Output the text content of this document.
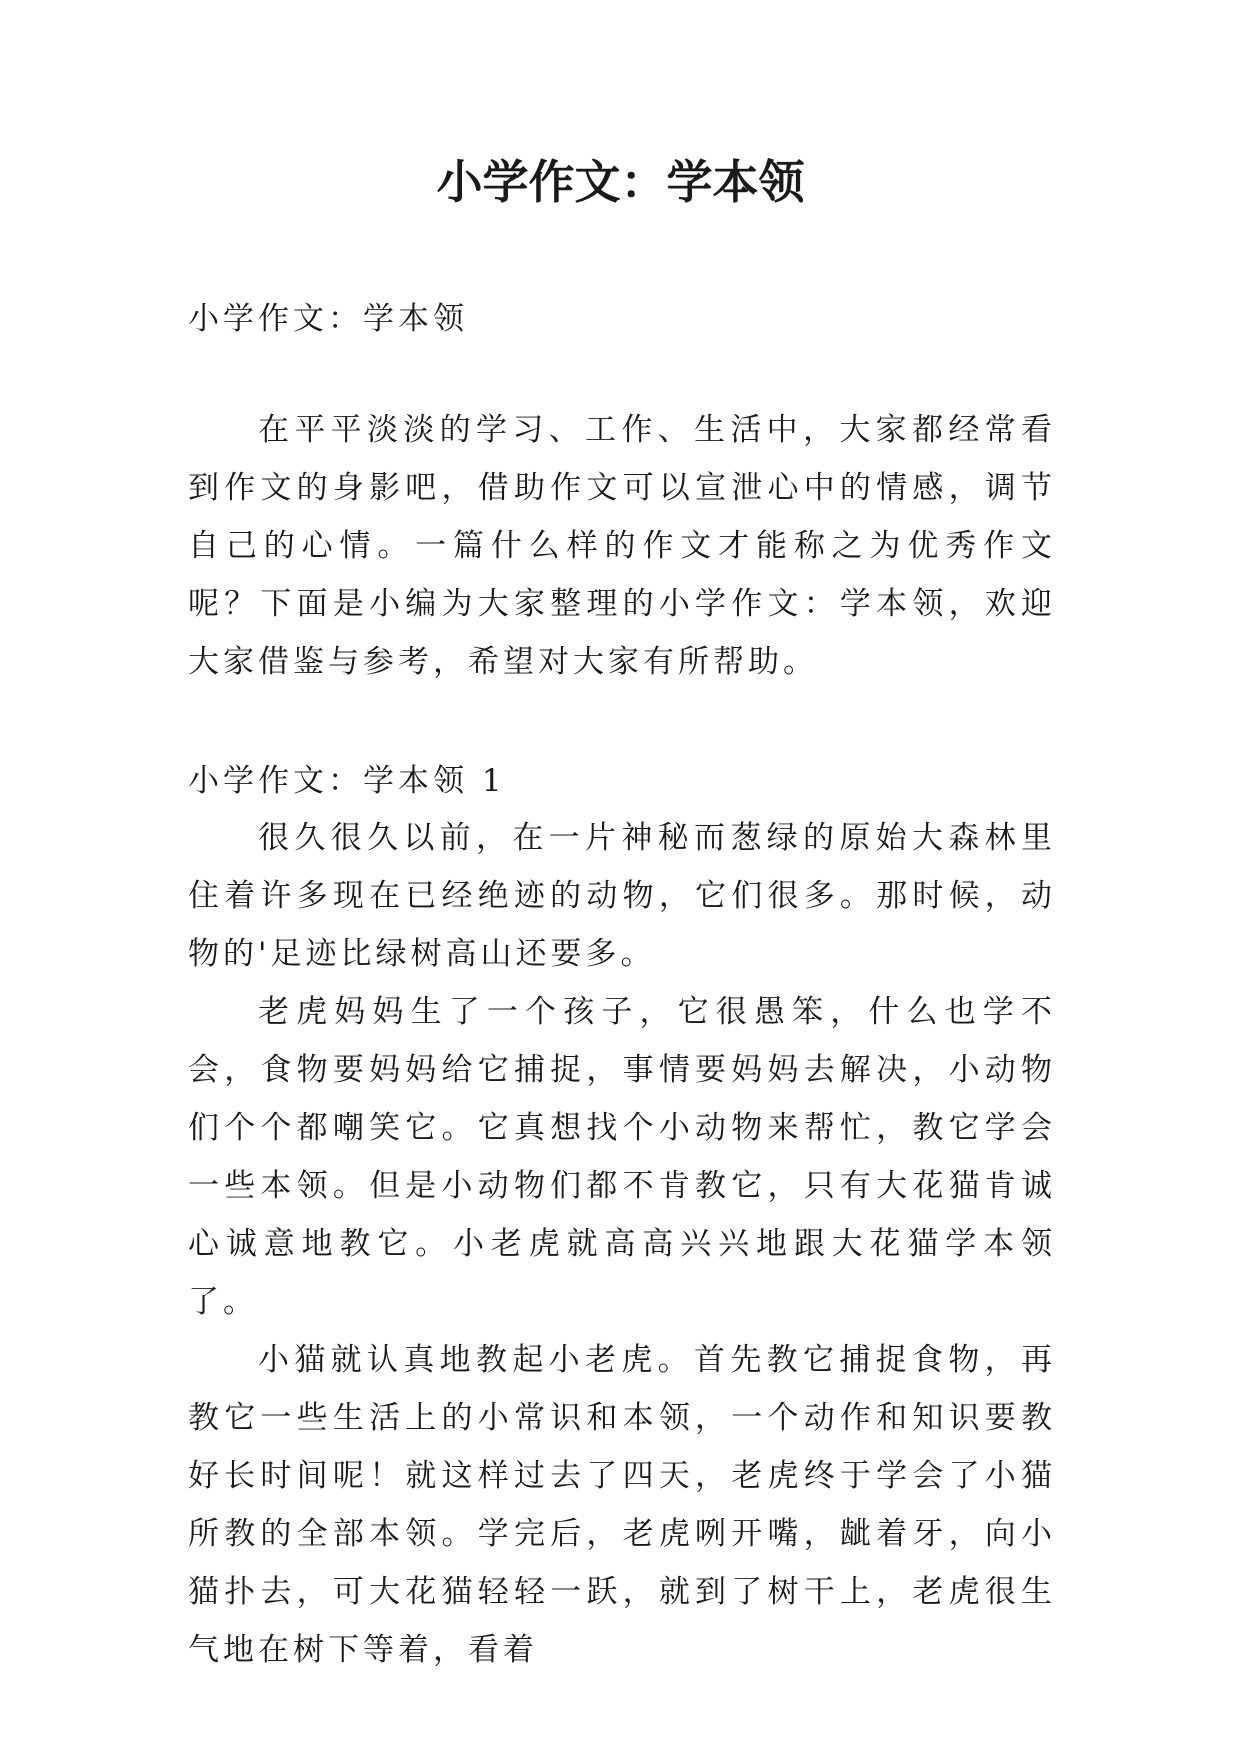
小学作文：学本领
小学作文：学本领

在平平淡淡的学习、工作、生活中，大家都经常看到作文的身影吧，借助作文可以宣泄心中的情感，调节自己的心情。一篇什么样的作文才能称之为优秀作文呢？下面是小编为大家整理的小学作文：学本领，欢迎大家借鉴与参考，希望对大家有所帮助。

小学作文：学本领 1

很久很久以前，在一片神秘而葱绿的原始大森林里住着许多现在已经绝迹的动物，它们很多。那时候，动物的'足迹比绿树高山还要多。

老虎妈妈生了一个孩子，它很愚笨，什么也学不会，食物要妈妈给它捕捉，事情要妈妈去解决，小动物们个个都嘲笑它。它真想找个小动物来帮忙，教它学会一些本领。但是小动物们都不肯教它，只有大花猫肯诚心诚意地教它。小老虎就高高兴兴地跟大花猫学本领了。

小猫就认真地教起小老虎。首先教它捕捉食物，再教它一些生活上的小常识和本领，一个动作和知识要教好长时间呢！就这样过去了四天，老虎终于学会了小猫所教的全部本领。学完后，老虎咧开嘴，龇着牙，向小猫扑去，可大花猫轻轻一跃，就到了树干上，老虎很生气地在树下等着，看着
